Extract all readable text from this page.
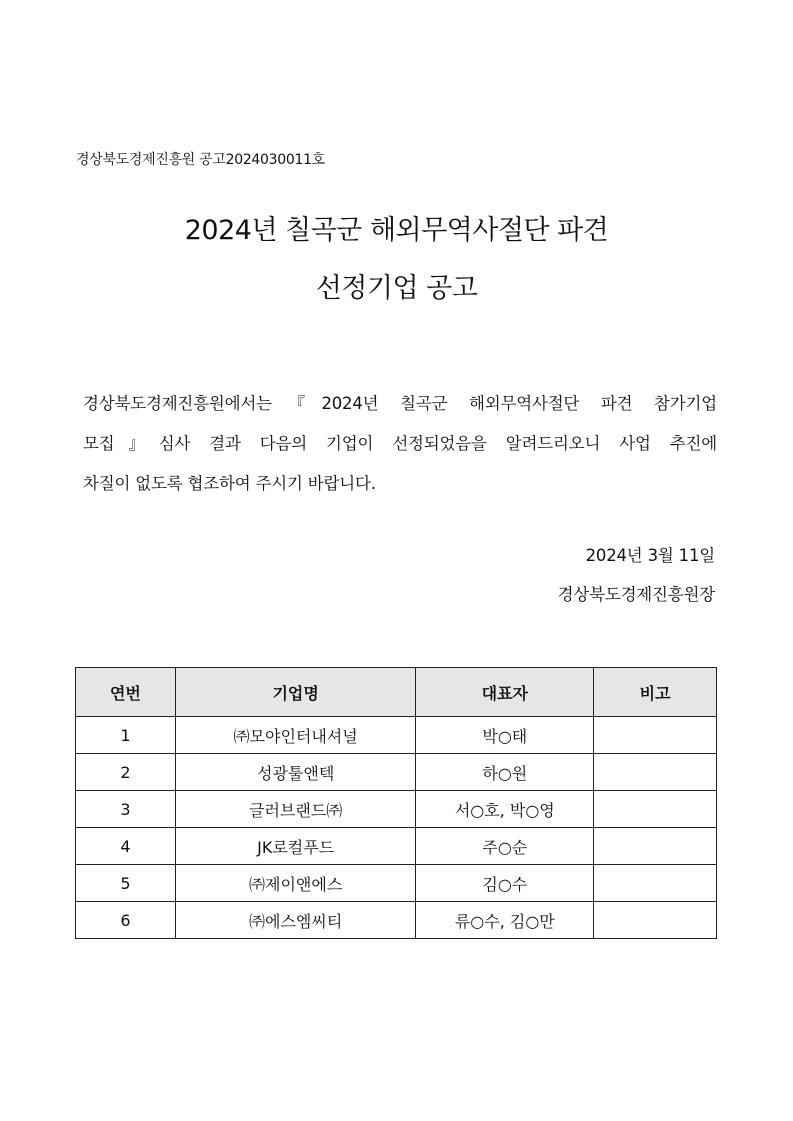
경상북도경제진흥원 공고2024030011호
2024년 칠곡군 해외무역사절단 파견
선정기업 공고
경상북도경제진흥원에서는『2024년 칠곡군 해외무역사절단 파견 참가기업
모집』심사 결과 다음의 기업이 선정되었음을 알려드리오니 사업 추진에
차질이 없도록 협조하여 주시기 바랍니다.
2024년 3월 11일
경상북도경제진흥원장
연번	기업명	대표자	비고
1	㈜모야인터내셔널	박○태	
2	성광툴앤텍	하○원	
3	글러브랜드㈜	서○호, 박○영	
4	JK로컬푸드	주○순	
5	㈜제이앤에스	김○수	
6	㈜에스엠씨티	류○수, 김○만	
